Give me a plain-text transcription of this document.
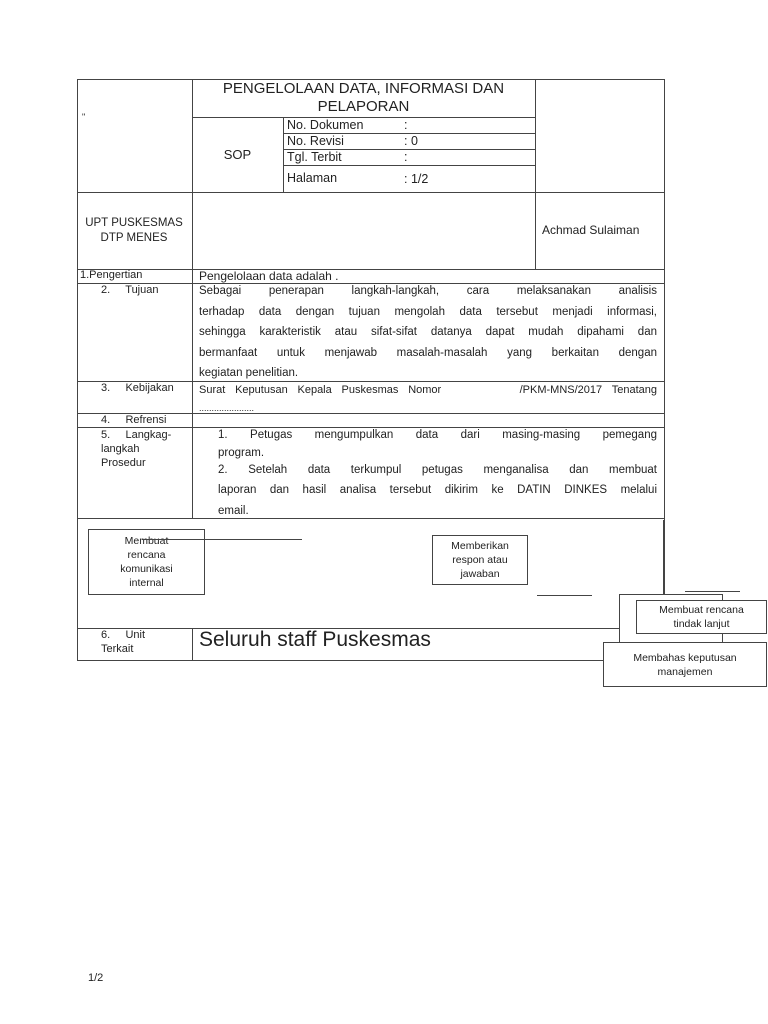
"
PENGELOLAAN DATA, INFORMASI DAN
PELAPORAN
SOP
No. Dokumen	:
No. Revisi	: 0
Tgl. Terbit	:
Halaman	: 1/2
UPT PUSKESMAS
DTP MENES
Achmad Sulaiman
1.Pengertian	Pengelolaan data adalah .
2.     Tujuan	Sebagai penerapan langkah-langkah, cara melaksanakan analisis
terhadap data dengan tujuan mengolah data tersebut menjadi informasi,
sehingga karakteristik atau sifat-sifat datanya dapat mudah dipahami dan
bermanfaat untuk menjawab masalah-masalah yang berkaitan dengan
kegiatan penelitian.
3.     Kebijakan Surat Keputusan Kepala Puskesmas Nomor        /PKM-MNS/2017 Tenatang
......................
4.     Refrensi
5.     Langkag-
langkah
Prosedur
1. Petugas mengumpulkan data dari masing-masing pemegang
program.
2. Setelah data terkumpul petugas menganalisa dan membuat
laporan dan hasil analisa tersebut dikirim ke DATIN DINKES melalui
email.
6.     Unit
Terkait	Seluruh staff Puskesmas
Membuat
rencana
komunikasi
internal
Memberikan
respon atau
jawaban
Membuat rencana
tindak lanjut
Membahas keputusan
manajemen
1/2
